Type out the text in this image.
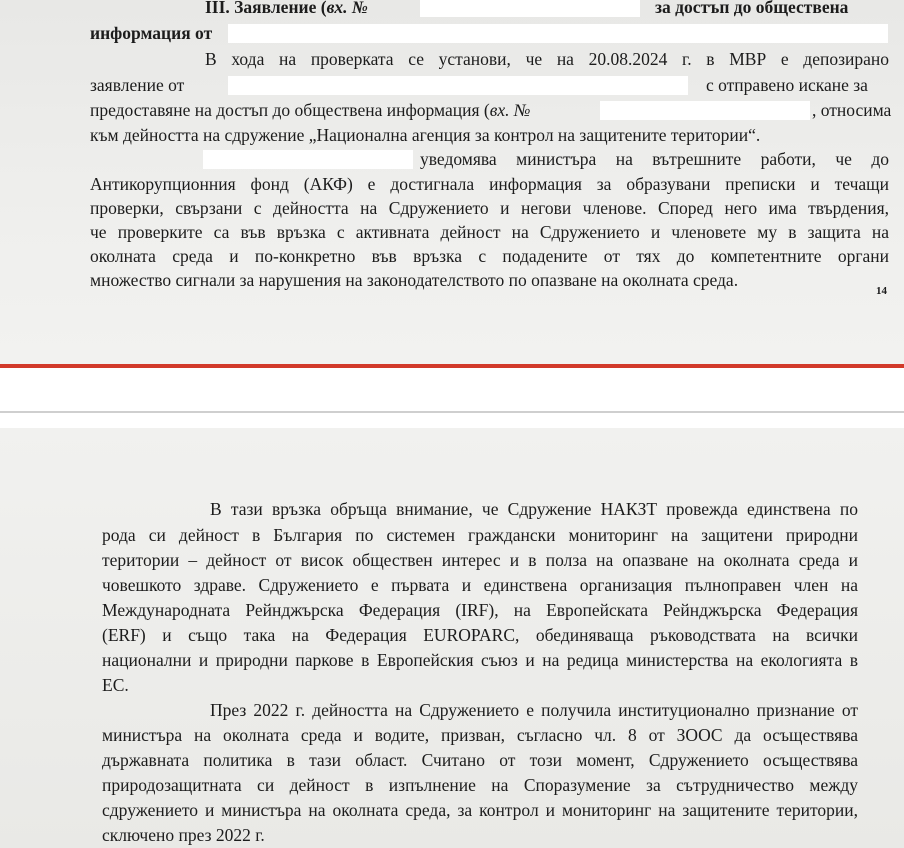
III. Заявление (вх. №	за достъп до обществена
информация от
В хода на проверката се установи, че на 20.08.2024 г. в МВР е депозирано
заявление от	с отправено искане за
предоставяне на достъп до обществена информация (вх. №	, относима
към дейността на сдружение „Национална агенция за контрол на защитените територии“.
уведомява министъра на вътрешните работи, че до
Антикорупционния фонд (АКФ) е достигнала информация за образувани преписки и течащи
проверки, свързани с дейността на Сдружението и негови членове. Според него има твърдения,
че проверките са във връзка с активната дейност на Сдружението и членовете му в защита на
околната среда и по-конкретно във връзка с подадените от тях до компетентните органи
множество сигнали за нарушения на законодателството по опазване на околната среда.
14
В тази връзка обръща внимание, че Сдружение НАКЗТ провежда единствена по
рода си дейност в България по системен граждански мониторинг на защитени природни
територии – дейност от висок обществен интерес и в полза на опазване на околната среда и
човешкото здраве. Сдружението е първата и единствена организация пълноправен член на
Международната Рейнджърска Федерация (IRF), на Европейската Рейнджърска Федерация
(ERF) и също така на Федерация EUROPARC, обединяваща ръководствата на всички
национални и природни паркове в Европейския съюз и на редица министерства на екологията в
ЕС.
През 2022 г. дейността на Сдружението е получила институционално признание от
министъра на околната среда и водите, призван, съгласно чл. 8 от ЗООС да осъществява
държавната политика в тази област. Считано от този момент, Сдружението осъществява
природозащитната си дейност в изпълнение на Споразумение за сътрудничество между
сдружението и министъра на околната среда, за контрол и мониторинг на защитените територии,
сключено през 2022 г.
